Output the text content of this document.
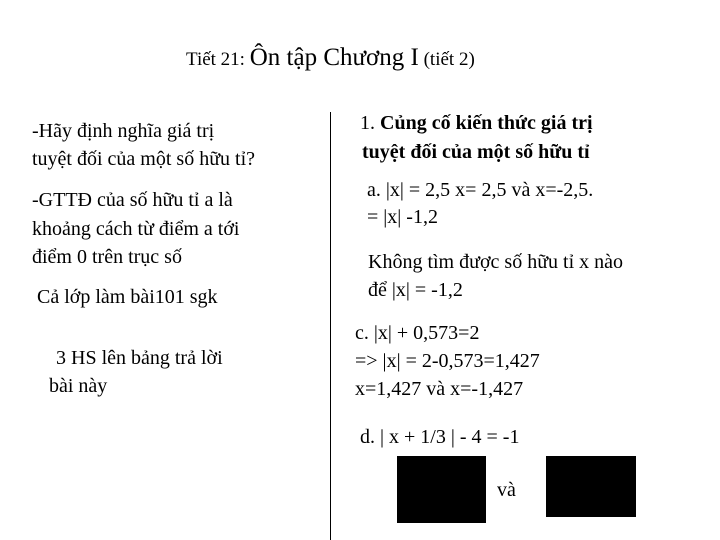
Tiết 21: Ôn tập Chương I (tiết 2)
-Hãy định nghĩa giá trị
tuyệt đối của một số hữu tỉ?
-GTTĐ của số hữu tỉ a là
khoảng cách từ điểm a tới
điểm 0 trên trục số
Cả lớp làm bài101 sgk
3 HS lên bảng trả lời
bài này
1. Củng cố kiến thức giá trị
tuyệt đối của một số hữu tỉ
a. |x| = 2,5 x= 2,5 và x=-2,5.
= |x| -1,2
Không tìm được số hữu tỉ x nào
để |x| = -1,2
c. |x| + 0,573=2
=> |x| = 2-0,573=1,427
x=1,427 và x=-1,427
d. | x + 1/3 | - 4 = -1
và
